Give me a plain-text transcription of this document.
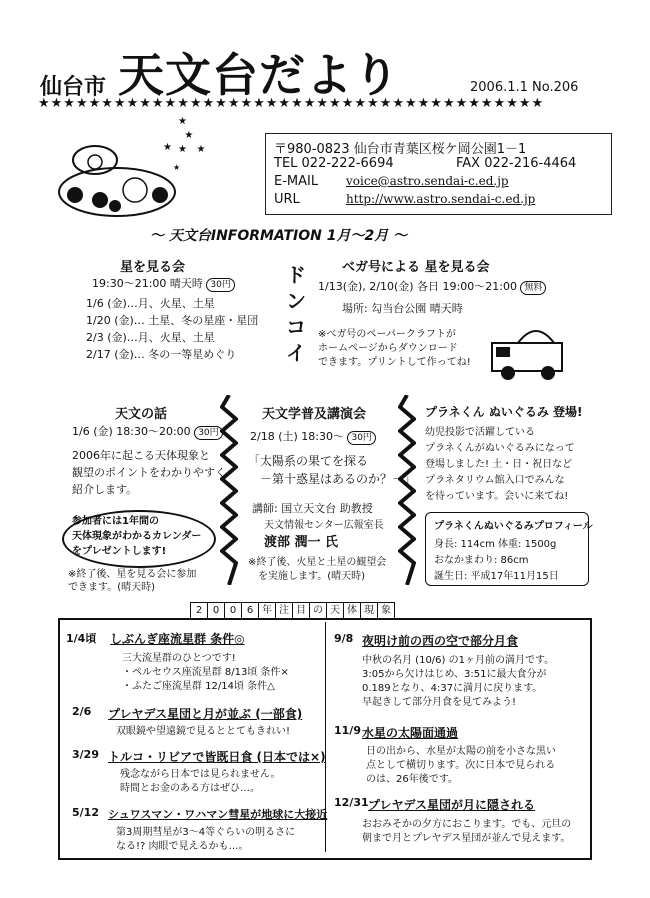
仙台市 天文台だより	2006.1.1 No.206
★★★★★★★★★★★★★★★★★★★★★★★★★★★★★★★★★★★★★★★★
★
★
★
★
★   ★	〒980-0823 仙台市青葉区桜ケ岡公園1－1
TEL 022-222-6694	FAX 022-216-4464
E-MAIL voice@astro.sendai-c.ed.jp
URL	http://www.astro.sendai-c.ed.jp
～ 天文台INFORMATION 1月～2月 ～
星を見る会
19:30～21:00 晴天時 30円
1/6 (金)…月、火星、土星
1/20 (金)… 土星、冬の星座・星団
2/3 (金)…月、火星、土星
2/17 (金)… 冬の一等星めぐり
ドンコイ
べガ号による 星を見る会
1/13(金), 2/10(金) 各日 19:00～21:00 無料
場所: 勾当台公園 晴天時
※べガ号のペーパークラフトが
ホームページからダウンロード
できます。プリントして作ってね!
天文の話
1/6 (金) 18:30～20:00 30円
2006年に起こる天体現象と
観望のポイントをわかりやすく
紹介します。
参加者には1年間の
天体現象がわかるカレンダー
をプレゼントします!
※終了後、星を見る会に参加
できます。(晴天時)
天文学普及講演会
2/18 (土) 18:30～ 30円
「太陽系の果てを探る
－第十惑星はあるのか？－」
講師: 国立天文台 助教授
天文情報センター広報室長
渡部 潤一 氏
※終了後、火星と土星の観望会
を実施します。(晴天時)
プラネくん ぬいぐるみ 登場!
幼児投影で活躍している
プラネくんがぬいぐるみになって
登場しました! 土・日・祝日など
プラネタリウム館入口でみんな
を待っています。会いに来てね!
プラネくんぬいぐるみプロフィール
身長: 114cm 体重: 1500g
おなかまわり: 86cm
誕生日: 平成17年11月15日
2 0 0 6 年 注 目 の 天 体 現 象
1/4頃 しぶんぎ座流星群 条件◎
三大流星群のひとつです!
・ペルセウス座流星群 8/13頃 条件×
・ふたご座流星群 12/14頃 条件△
2/6 プレヤデス星団と月が並ぶ (一部食)
双眼鏡や望遠鏡で見るととてもきれい!
3/29 トルコ・リビアで皆既日食 (日本では×)
残念ながら日本では見られません。
時間とお金のある方はぜひ…。
5/12 シュワスマン・ワハマン彗星が地球に大接近
第3周期彗星が3～4等ぐらいの明るさに
なる!? 肉眼で見えるかも…。
9/8 夜明け前の西の空で部分月食
中秋の名月 (10/6) の1ヶ月前の満月です。
3:05から欠けはじめ、3:51に最大食分が
0.189となり、4:37に満月に戻ります。
早起きして部分月食を見てみよう!
11/9 水星の太陽面通過
日の出から、水星が太陽の前を小さな黒い
点として横切ります。次に日本で見られる
のは、26年後です。
12/31 プレヤデス星団が月に隠される
おおみそかの夕方におこります。でも、元旦の
朝まで月とプレヤデス星団が並んで見えます。
